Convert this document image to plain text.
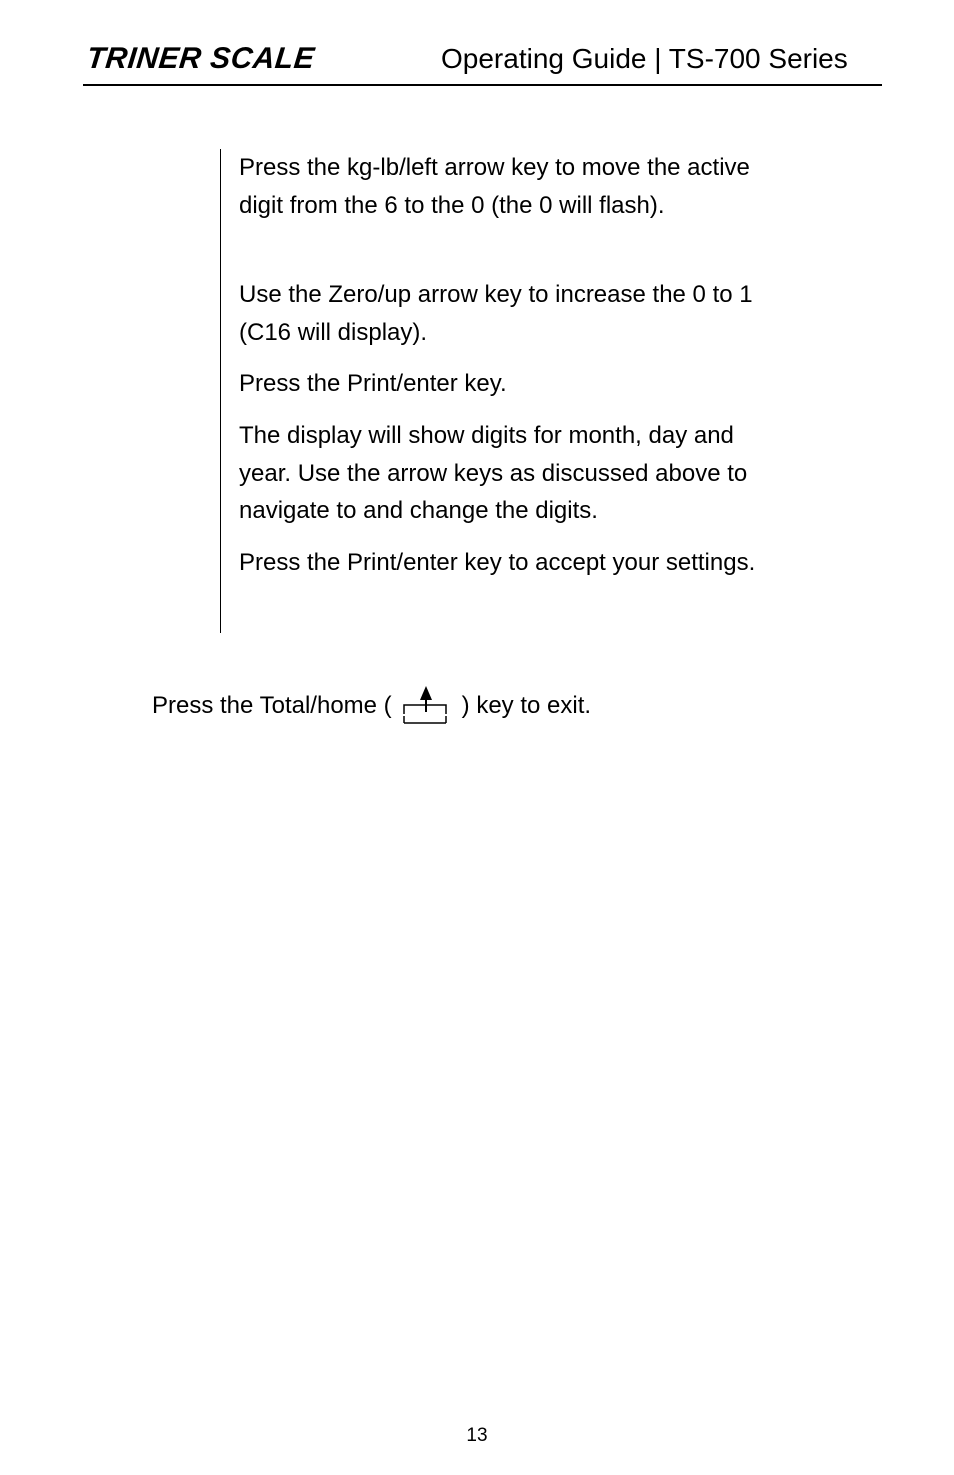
TRINER SCALE	Operating Guide | TS-700 Series

Press the kg-lb/left arrow key to move the active digit from the 6 to the 0 (the 0 will flash).

Use the Zero/up arrow key to increase the 0 to 1 (C16 will display).

Press the Print/enter key.

The display will show digits for month, day and year. Use the arrow keys as discussed above to navigate to and change the digits.

Press the Print/enter key to accept your settings.

Press the Total/home (	) key to exit.
13
